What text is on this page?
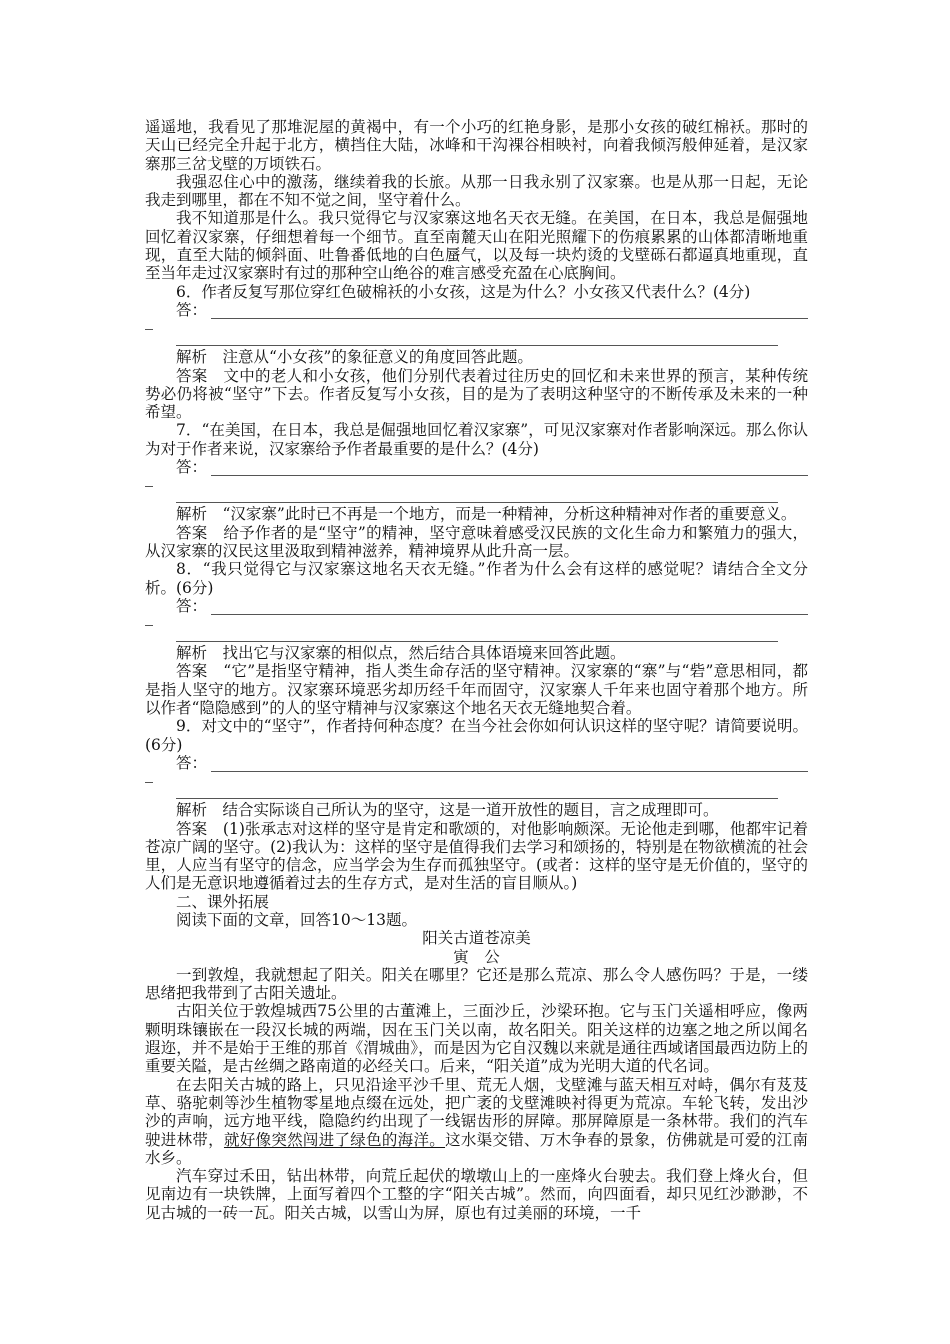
遥遥地，我看见了那堆泥屋的黄褐中，有一个小巧的红艳身影，是那小女孩的破红棉袄。那时的天山已经完全升起于北方，横挡住大陆，冰峰和干沟裸谷相映衬，向着我倾泻般伸延着，是汉家寨那三岔戈壁的万顷铁石。

我强忍住心中的激荡，继续着我的长旅。从那一日我永别了汉家寨。也是从那一日起，无论我走到哪里，都在不知不觉之间，坚守着什么。

我不知道那是什么。我只觉得它与汉家寨这地名天衣无缝。在美国，在日本，我总是倔强地回忆着汉家寨，仔细想着每一个细节。直至南麓天山在阳光照耀下的伤痕累累的山体都清晰地重现，直至大陆的倾斜面、吐鲁番低地的白色蜃气，以及每一块灼烫的戈壁砾石都逼真地重现，直至当年走过汉家寨时有过的那种空山绝谷的难言感受充盈在心底胸间。

6．作者反复写那位穿红色破棉袄的小女孩，这是为什么？小女孩又代表什么？(4分)

答：

解析　注意从“小女孩”的象征意义的角度回答此题。

答案　文中的老人和小女孩，他们分别代表着过往历史的回忆和未来世界的预言，某种传统势必仍将被“坚守”下去。作者反复写小女孩，目的是为了表明这种坚守的不断传承及未来的一种希望。

7．“在美国，在日本，我总是倔强地回忆着汉家寨”，可见汉家寨对作者影响深远。那么你认为对于作者来说，汉家寨给予作者最重要的是什么？(4分)

答：

解析　“汉家寨”此时已不再是一个地方，而是一种精神，分析这种精神对作者的重要意义。

答案　给予作者的是“坚守”的精神，坚守意味着感受汉民族的文化生命力和繁殖力的强大，从汉家寨的汉民这里汲取到精神滋养，精神境界从此升高一层。

8．“我只觉得它与汉家寨这地名天衣无缝。”作者为什么会有这样的感觉呢？请结合全文分析。(6分)

答：

解析　找出它与汉家寨的相似点，然后结合具体语境来回答此题。

答案　“它”是指坚守精神，指人类生命存活的坚守精神。汉家寨的“寨”与“砦”意思相同，都是指人坚守的地方。汉家寨环境恶劣却历经千年而固守，汉家寨人千年来也固守着那个地方。所以作者“隐隐感到”的人的坚守精神与汉家寨这个地名天衣无缝地契合着。

9．对文中的“坚守”，作者持何种态度？在当今社会你如何认识这样的坚守呢？请简要说明。(6分)

答：

解析　结合实际谈自己所认为的坚守，这是一道开放性的题目，言之成理即可。

答案　(1)张承志对这样的坚守是肯定和歌颂的，对他影响颇深。无论他走到哪，他都牢记着苍凉广阔的坚守。(2)我认为：这样的坚守是值得我们去学习和颂扬的，特别是在物欲横流的社会里，人应当有坚守的信念，应当学会为生存而孤独坚守。(或者：这样的坚守是无价值的，坚守的人们是无意识地遵循着过去的生存方式，是对生活的盲目顺从。)

二、课外拓展

阅读下面的文章，回答10～13题。

阳关古道苍凉美

寅　公

一到敦煌，我就想起了阳关。阳关在哪里？它还是那么荒凉、那么令人感伤吗？于是，一缕思绪把我带到了古阳关遗址。

古阳关位于敦煌城西75公里的古董滩上，三面沙丘，沙梁环抱。它与玉门关遥相呼应，像两颗明珠镶嵌在一段汉长城的两端，因在玉门关以南，故名阳关。阳关这样的边塞之地之所以闻名遐迩，并不是始于王维的那首《渭城曲》，而是因为它自汉魏以来就是通往西域诸国最西边防上的重要关隘，是古丝绸之路南道的必经关口。后来，“阳关道”成为光明大道的代名词。

在去阳关古城的路上，只见沿途平沙千里、荒无人烟，戈壁滩与蓝天相互对峙，偶尔有芨芨草、骆驼刺等沙生植物零星地点缀在远处，把广袤的戈壁滩映衬得更为荒凉。车轮飞转，发出沙沙的声响，远方地平线，隐隐约约出现了一线锯齿形的屏障。那屏障原是一条林带。我们的汽车驶进林带，就好像突然闯进了绿色的海洋。这水渠交错、万木争春的景象，仿佛就是可爱的江南水乡。

汽车穿过禾田，钻出林带，向荒丘起伏的墩墩山上的一座烽火台驶去。我们登上烽火台，但见南边有一块铁牌，上面写着四个工整的字“阳关古城”。然而，向四面看，却只见红沙渺渺，不见古城的一砖一瓦。阳关古城，以雪山为屏，原也有过美丽的环境，一千
